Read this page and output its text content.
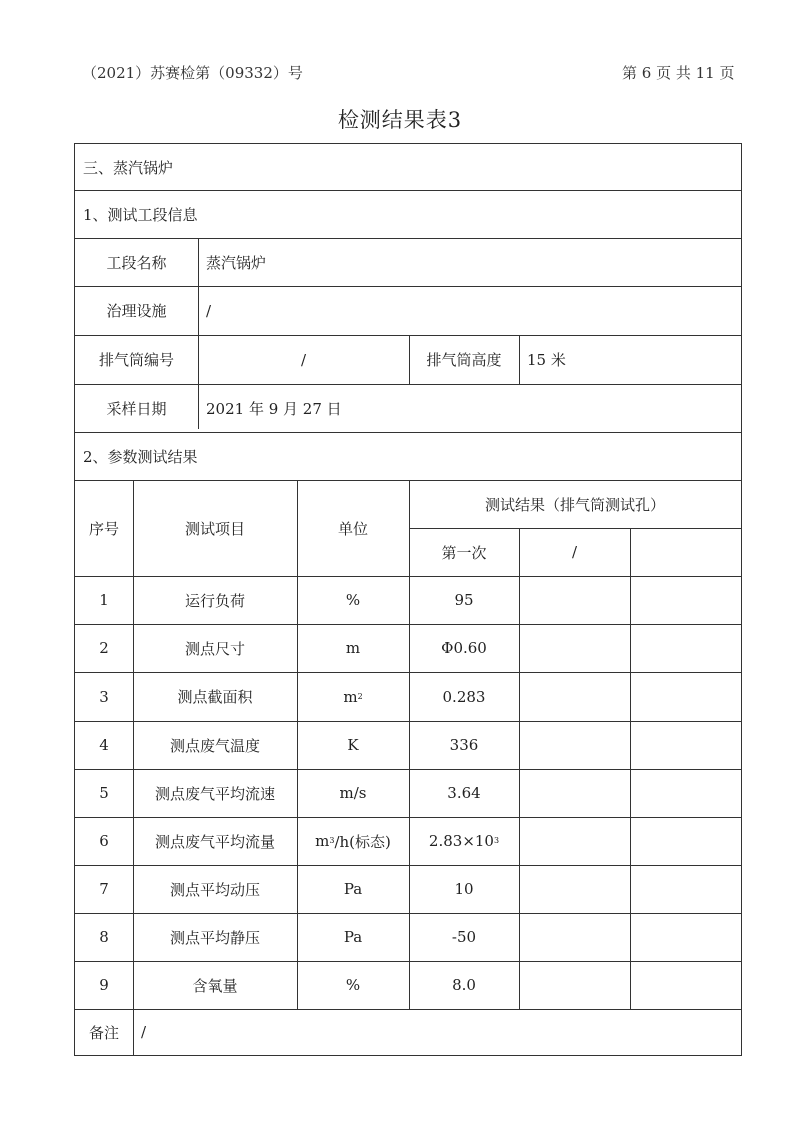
（2021）苏赛检第（09332）号	第 6 页 共 11 页
检测结果表3
三、蒸汽锅炉
1、测试工段信息
工段名称	蒸汽锅炉
治理设施	/
排气筒编号	/	排气筒高度	15 米
采样日期	2021 年 9 月 27 日
2、参数测试结果
序号	测试项目	单位
测试结果（排气筒测试孔）
第一次	/
1	运行负荷	%	95
2	测点尺寸	m	Φ0.60
3	测点截面积	m 2	0.283
4	测点废气温度	K	336
5	测点废气平均流速	m/s	3.64
6	测点废气平均流量	m 3 /h(标态)	2.83×10 3
7	测点平均动压	Pa	10
8	测点平均静压	Pa	-50
9	含氧量	%	8.0
备注	/
